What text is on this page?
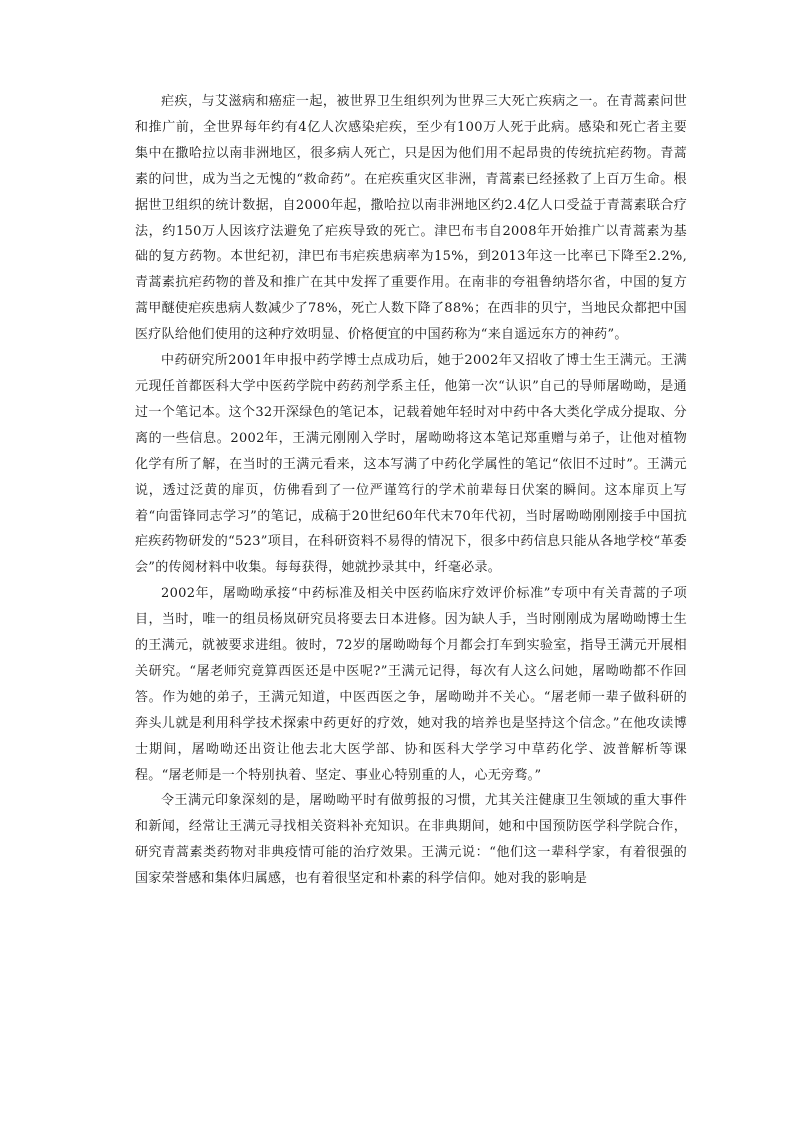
疟疾，与艾滋病和癌症一起，被世界卫生组织列为世界三大死亡疾病之一。在青蒿素问世和推广前，全世界每年约有4亿人次感染疟疾，至少有100万人死于此病。感染和死亡者主要集中在撒哈拉以南非洲地区，很多病人死亡，只是因为他们用不起昂贵的传统抗疟药物。青蒿素的问世，成为当之无愧的“救命药”。在疟疾重灾区非洲，青蒿素已经拯救了上百万生命。根据世卫组织的统计数据，自2000年起，撒哈拉以南非洲地区约2.4亿人口受益于青蒿素联合疗法，约150万人因该疗法避免了疟疾导致的死亡。津巴布韦自2008年开始推广以青蒿素为基础的复方药物。本世纪初，津巴布韦疟疾患病率为15%，到2013年这一比率已下降至2.2%,青蒿素抗疟药物的普及和推广在其中发挥了重要作用。在南非的夸祖鲁纳塔尔省，中国的复方蒿甲醚使疟疾患病人数减少了78%，死亡人数下降了88%；在西非的贝宁，当地民众都把中国医疗队给他们使用的这种疗效明显、价格便宜的中国药称为“来自遥远东方的神药”。

中药研究所2001年申报中药学博士点成功后，她于2002年又招收了博士生王满元。王满元现任首都医科大学中医药学院中药药剂学系主任，他第一次“认识”自己的导师屠呦呦，是通过一个笔记本。这个32开深绿色的笔记本，记载着她年轻时对中药中各大类化学成分提取、分离的一些信息。2002年，王满元刚刚入学时，屠呦呦将这本笔记郑重赠与弟子，让他对植物化学有所了解，在当时的王满元看来，这本写满了中药化学属性的笔记“依旧不过时”。王满元说，透过泛黄的扉页，仿佛看到了一位严谨笃行的学术前辈每日伏案的瞬间。这本扉页上写着“向雷锋同志学习”的笔记，成稿于20世纪60年代末70年代初，当时屠呦呦刚刚接手中国抗疟疾药物研发的“523”项目，在科研资料不易得的情况下，很多中药信息只能从各地学校“革委会”的传阅材料中收集。每每获得，她就抄录其中，纤毫必录。

2002年，屠呦呦承接“中药标准及相关中医药临床疗效评价标准”专项中有关青蒿的子项目，当时，唯一的组员杨岚研究员将要去日本进修。因为缺人手，当时刚刚成为屠呦呦博士生的王满元，就被要求进组。彼时，72岁的屠呦呦每个月都会打车到实验室，指导王满元开展相关研究。“屠老师究竟算西医还是中医呢?”王满元记得，每次有人这么问她，屠呦呦都不作回答。作为她的弟子，王满元知道，中医西医之争，屠呦呦并不关心。“屠老师一辈子做科研的奔头儿就是利用科学技术探索中药更好的疗效，她对我的培养也是坚持这个信念。”在他攻读博士期间，屠呦呦还出资让他去北大医学部、协和医科大学学习中草药化学、波普解析等课程。“屠老师是一个特别执着、坚定、事业心特别重的人，心无旁骛。”

令王满元印象深刻的是，屠呦呦平时有做剪报的习惯，尤其关注健康卫生领域的重大事件和新闻，经常让王满元寻找相关资料补充知识。在非典期间，她和中国预防医学科学院合作，研究青蒿素类药物对非典疫情可能的治疗效果。王满元说：“他们这一辈科学家，有着很强的国家荣誉感和集体归属感，也有着很坚定和朴素的科学信仰。她对我的影响是
